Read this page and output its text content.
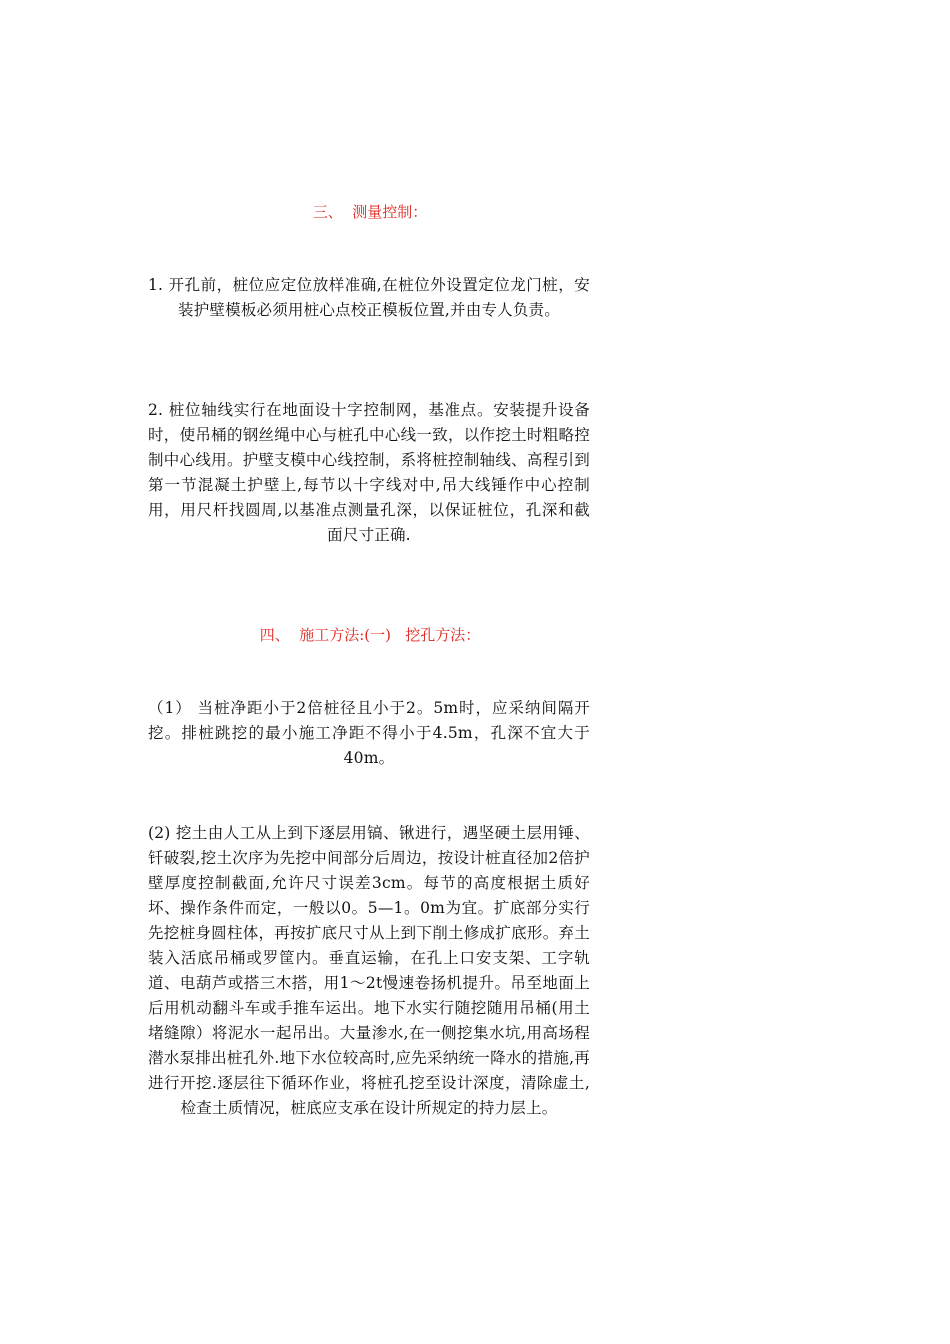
三、  测量控制：
1. 开孔前，桩位应定位放样准确,在桩位外设置定位龙门桩，安装护壁模板必须用桩心点校正模板位置,并由专人负责。
2. 桩位轴线实行在地面设十字控制网，基准点。安装提升设备时，使吊桶的钢丝绳中心与桩孔中心线一致，以作挖土时粗略控制中心线用。护壁支模中心线控制，系将桩控制轴线、高程引到第一节混凝土护壁上,每节以十字线对中,吊大线锤作中心控制用，用尺杆找圆周,以基准点测量孔深，以保证桩位，孔深和截面尺寸正确.
四、  施工方法:(一)   挖孔方法：
（1） 当桩净距小于2倍桩径且小于2。5m时，应采纳间隔开挖。排桩跳挖的最小施工净距不得小于4.5m，孔深不宜大于40m。
(2) 挖土由人工从上到下逐层用镐、锹进行，遇坚硬土层用锤、钎破裂,挖土次序为先挖中间部分后周边，按设计桩直径加2倍护壁厚度控制截面,允许尺寸误差3cm。每节的高度根据土质好坏、操作条件而定，一般以0。5—1。0m为宜。扩底部分实行先挖桩身圆柱体，再按扩底尺寸从上到下削土修成扩底形。弃土装入活底吊桶或罗筐内。垂直运输，在孔上口安支架、工字轨道、电葫芦或搭三木搭，用1～2t慢速卷扬机提升。吊至地面上后用机动翻斗车或手推车运出。地下水实行随挖随用吊桶(用土堵缝隙）将泥水一起吊出。大量渗水,在一侧挖集水坑,用高场程潜水泵排出桩孔外.地下水位较高时,应先采纳统一降水的措施,再进行开挖.逐层往下循环作业，将桩孔挖至设计深度，清除虚土,检查土质情况，桩底应支承在设计所规定的持力层上。
